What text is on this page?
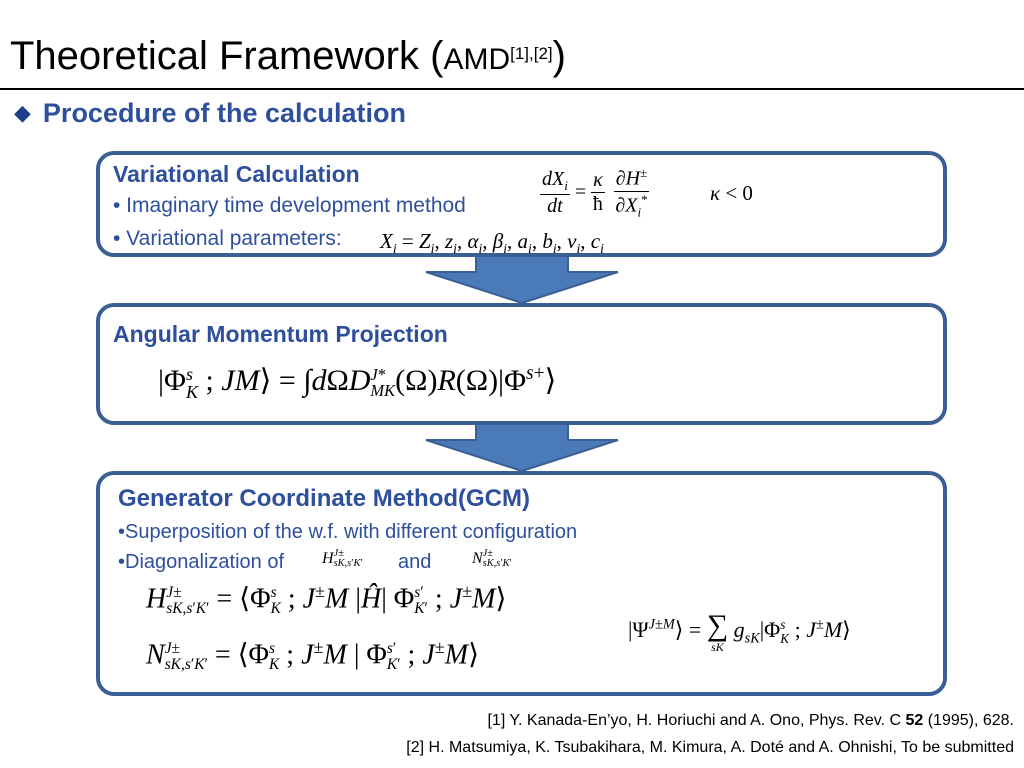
Theoretical Framework (AMD[1],[2])
◆ Procedure of the calculation
Variational Calculation
• Imaginary time development method
• Variational parameters:
$dX_i$
dt
= $\frac{\kappa}{ħ}$
$\frac{\partial H^\pm}{\partial X_i^*}$	κ < 0
$X_i = Z_i$, $z_i$, $\alpha_i$, $\beta_i$, $a_i$, $b_i$, $\nu_i$, $c_i$
Angular Momentum Projection
|Φ s
K ; JM⟩ = ∫dΩD J*
MK $(\Omega)R(\Omega)|\Phi^{s+}⟩$
Generator Coordinate Method(GCM)
•Superposition of the w.f. with different configuration
•Diagonalization of H J±
sK,s′K′ and	N J±
sK,s′K′
H J±
sK,s′K′ = ⟨Φ s
K ; J±M |Ĥ| Φ s′
K′ ; J±M⟩
N J±
sK,s′K′ = ⟨Φ s
K ; J±M | Φ s′
K′ ; J±M⟩
$|\Psi^{J\pm M}⟩$ = ∑
sK
$g_{sK}|\Phi$ s
K ; J±M⟩
[1] Y. Kanada-En’yo, H. Horiuchi and A. Ono, Phys. Rev. C 52 (1995), 628.
[2] H. Matsumiya, K. Tsubakihara, M. Kimura, A. Doté and A. Ohnishi, To be submitted
